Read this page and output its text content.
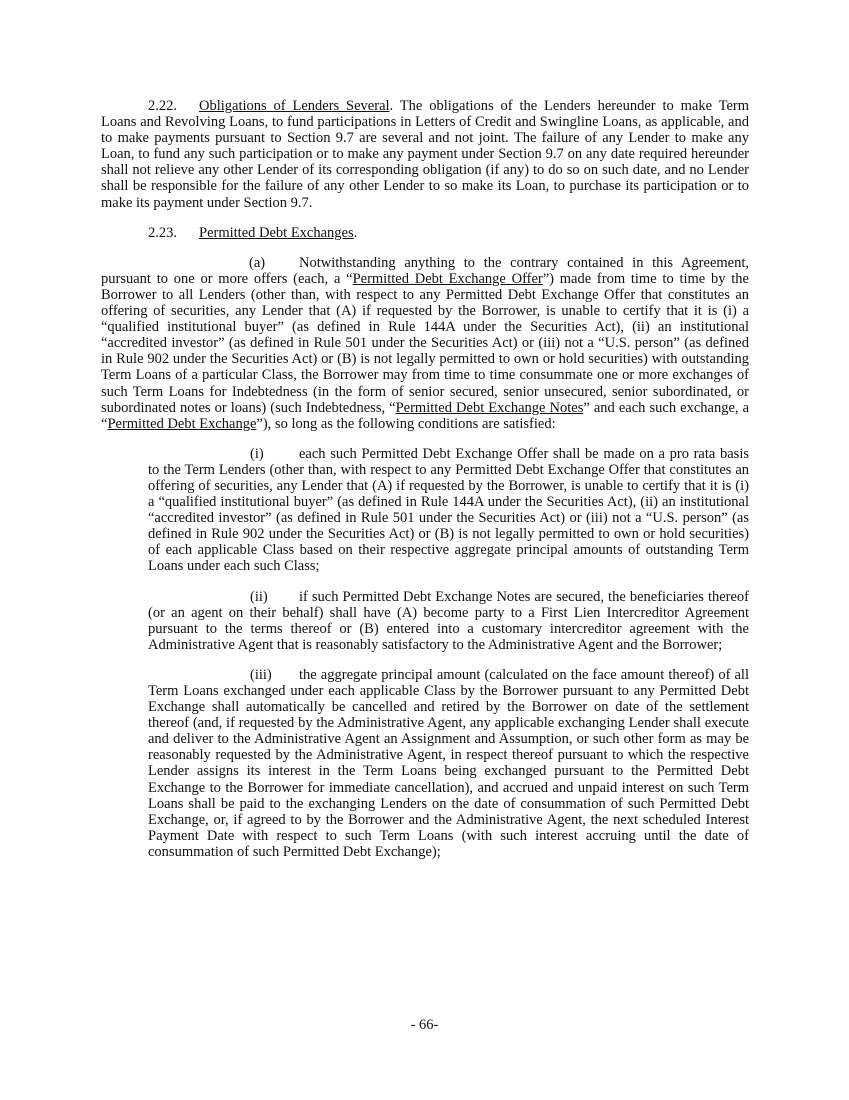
2.22. Obligations of Lenders Several. The obligations of the Lenders hereunder to make Term Loans and Revolving Loans, to fund participations in Letters of Credit and Swingline Loans, as applicable, and to make payments pursuant to Section 9.7 are several and not joint. The failure of any Lender to make any Loan, to fund any such participation or to make any payment under Section 9.7 on any date required hereunder shall not relieve any other Lender of its corresponding obligation (if any) to do so on such date, and no Lender shall be responsible for the failure of any other Lender to so make its Loan, to purchase its participation or to make its payment under Section 9.7.

2.23. Permitted Debt Exchanges.

(a) Notwithstanding anything to the contrary contained in this Agreement, pursuant to one or more offers (each, a “Permitted Debt Exchange Offer”) made from time to time by the Borrower to all Lenders (other than, with respect to any Permitted Debt Exchange Offer that constitutes an offering of securities, any Lender that (A) if requested by the Borrower, is unable to certify that it is (i) a “qualified institutional buyer” (as defined in Rule 144A under the Securities Act), (ii) an institutional “accredited investor” (as defined in Rule 501 under the Securities Act) or (iii) not a “U.S. person” (as defined in Rule 902 under the Securities Act) or (B) is not legally permitted to own or hold securities) with outstanding Term Loans of a particular Class, the Borrower may from time to time consummate one or more exchanges of such Term Loans for Indebtedness (in the form of senior secured, senior unsecured, senior subordinated, or subordinated notes or loans) (such Indebtedness, “Permitted Debt Exchange Notes” and each such exchange, a “Permitted Debt Exchange”), so long as the following conditions are satisfied:

(i) each such Permitted Debt Exchange Offer shall be made on a pro rata basis to the Term Lenders (other than, with respect to any Permitted Debt Exchange Offer that constitutes an offering of securities, any Lender that (A) if requested by the Borrower, is unable to certify that it is (i) a “qualified institutional buyer” (as defined in Rule 144A under the Securities Act), (ii) an institutional “accredited investor” (as defined in Rule 501 under the Securities Act) or (iii) not a “U.S. person” (as defined in Rule 902 under the Securities Act) or (B) is not legally permitted to own or hold securities) of each applicable Class based on their respective aggregate principal amounts of outstanding Term Loans under each such Class;

(ii) if such Permitted Debt Exchange Notes are secured, the beneficiaries thereof (or an agent on their behalf) shall have (A) become party to a First Lien Intercreditor Agreement pursuant to the terms thereof or (B) entered into a customary intercreditor agreement with the Administrative Agent that is reasonably satisfactory to the Administrative Agent and the Borrower;

(iii) the aggregate principal amount (calculated on the face amount thereof) of all Term Loans exchanged under each applicable Class by the Borrower pursuant to any Permitted Debt Exchange shall automatically be cancelled and retired by the Borrower on date of the settlement thereof (and, if requested by the Administrative Agent, any applicable exchanging Lender shall execute and deliver to the Administrative Agent an Assignment and Assumption, or such other form as may be reasonably requested by the Administrative Agent, in respect thereof pursuant to which the respective Lender assigns its interest in the Term Loans being exchanged pursuant to the Permitted Debt Exchange to the Borrower for immediate cancellation), and accrued and unpaid interest on such Term Loans shall be paid to the exchanging Lenders on the date of consummation of such Permitted Debt Exchange, or, if agreed to by the Borrower and the Administrative Agent, the next scheduled Interest Payment Date with respect to such Term Loans (with such interest accruing until the date of consummation of such Permitted Debt Exchange);

- 66-
